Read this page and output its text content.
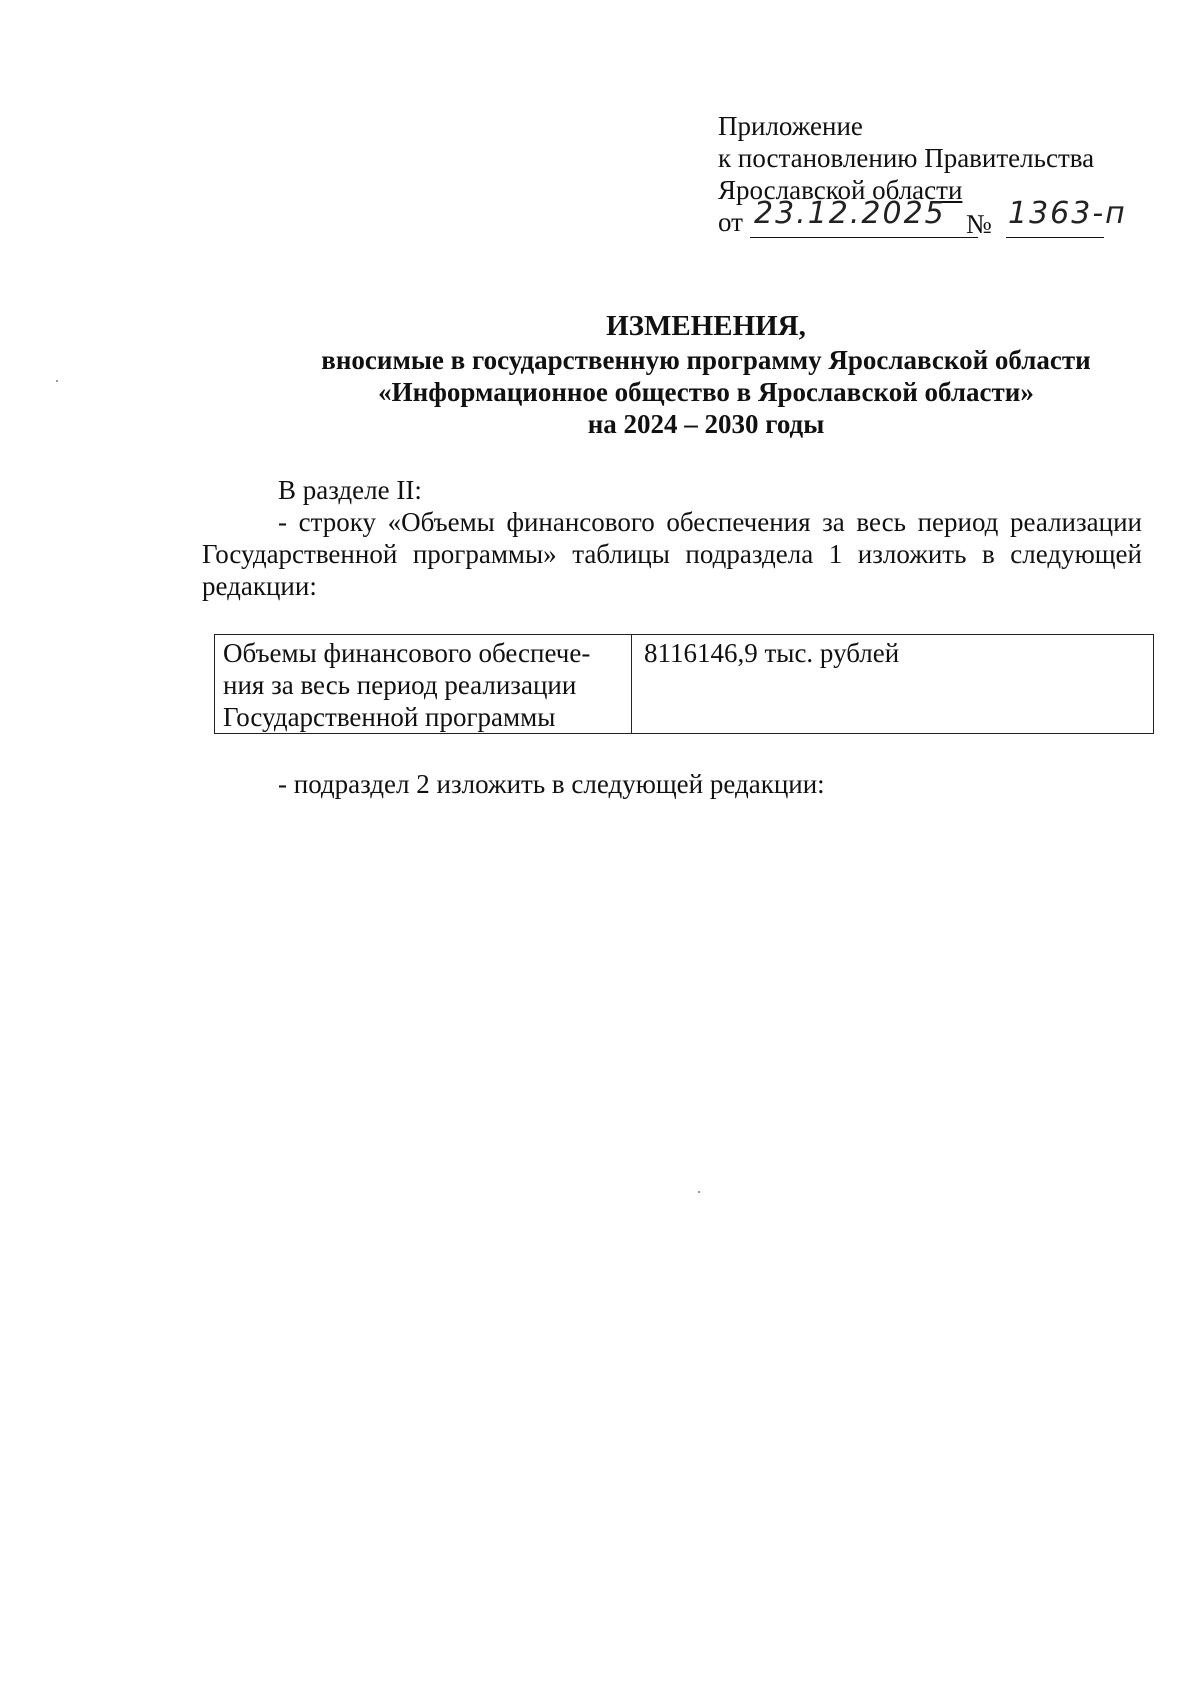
Приложение
к постановлению Правительства
Ярославской области
от 23.12.2025 № 1363-п
ИЗМЕНЕНИЯ,
вносимые в государственную программу Ярославской области
«Информационное общество в Ярославской области»
на 2024 – 2030 годы

В разделе II:

- строку «Объемы финансового обеспечения за весь период реализации Государственной программы» таблицы подраздела 1 изложить в следующей редакции:

Объемы финансового обеспече-
ния за весь период реализации
Государственной программы
	8116146,9 тыс. рублей
- подраздел 2 изложить в следующей редакции:
